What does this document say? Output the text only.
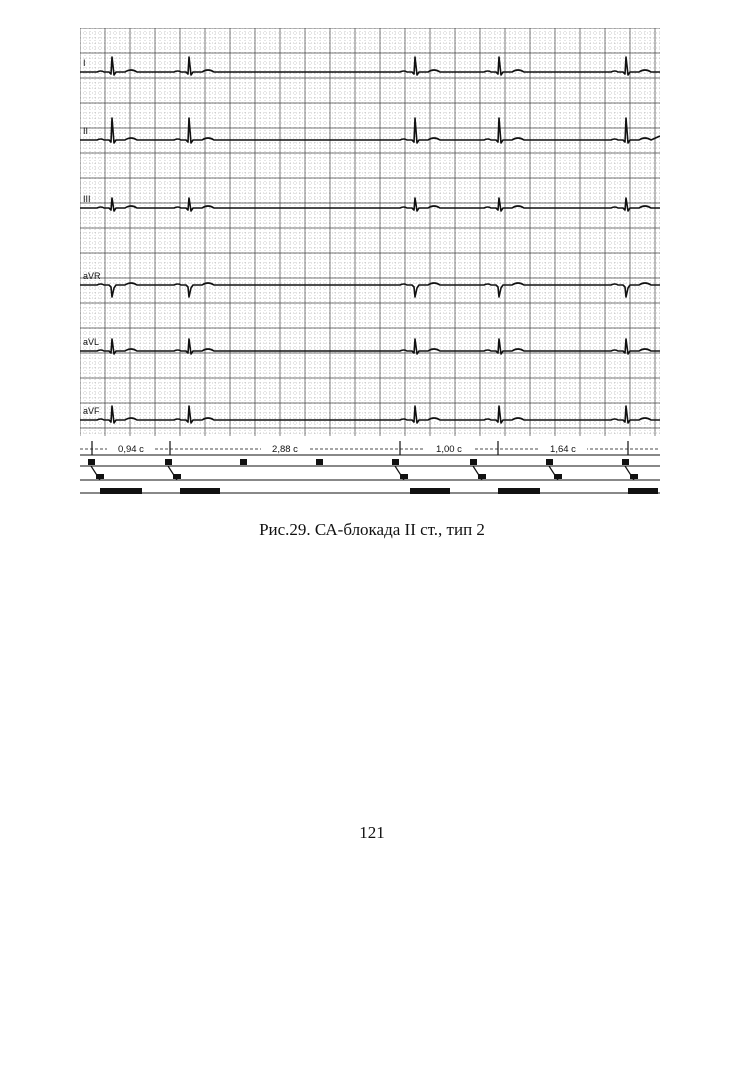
I
II
III
aVR
aVL
aVF
0,94 с	2,88 с	1,00 с	1,64 с
Рис.29. СА-блокада II ст., тип 2
121
